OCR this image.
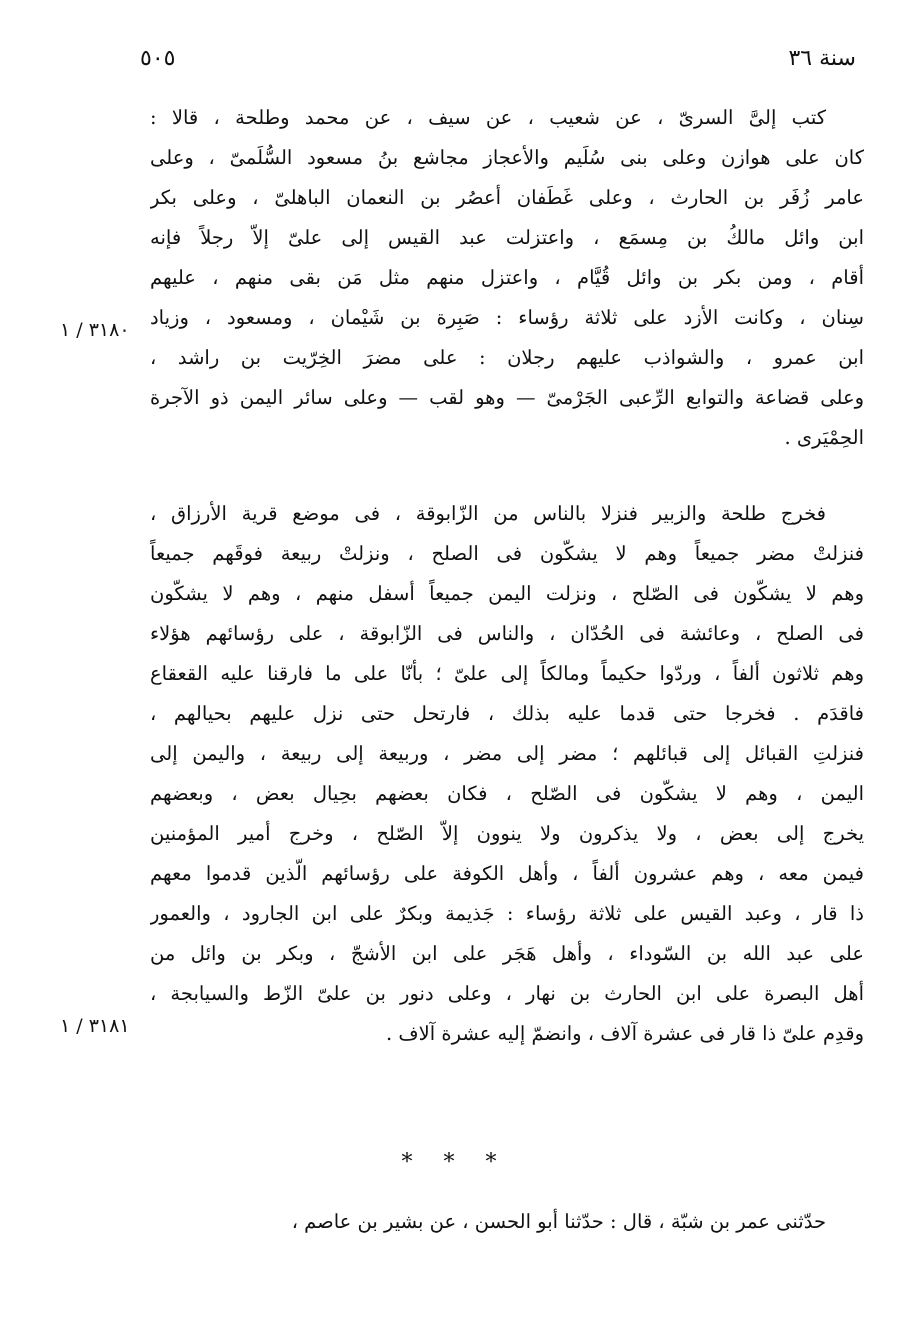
سنة ٣٦
٥٠٥
كتب إلىَّ السرىّ ، عن شعيب ، عن سيف ، عن محمد وطلحة ، قالا :
كان على هوازن وعلى بنى سُلَيم والأعجاز مجاشع بنُ مسعود السُّلَمىّ ، وعلى
عامر زُفَر بن الحارث ، وعلى غَطَفان أعصُر بن النعمان الباهلىّ ، وعلى بكر
ابن وائل مالكُ بن مِسمَع ، واعتزلت عبد القيس إلى علىّ إلاّ رجلاً فإنه
أقام ، ومن بكر بن وائل قُيَّام ، واعتزل منهم مثل مَن بقى منهم ، عليهم
سِنان ، وكانت الأزد على ثلاثة رؤساء : صَبِرة بن شَيْمان ، ومسعود ، وزياد
ابن عمرو ، والشواذب عليهم رجلان : على مضرَ الخِرّيت بن راشد ،
وعلى قضاعة والتوابع الرِّعبى الجَرْمىّ — وهو لقب — وعلى سائر اليمن ذو الآجرة
الحِمْيَرى .
فخرج طلحة والزبير فنزلا بالناس من الزّابوقة ، فى موضع قرية الأرزاق ،
فنزلتْ مضر جميعاً وهم لا يشكّون فى الصلح ، ونزلتْ ربيعة فوقَهم جميعاً
وهم لا يشكّون فى الصّلح ، ونزلت اليمن جميعاً أسفل منهم ، وهم لا يشكّون
فى الصلح ، وعائشة فى الحُدّان ، والناس فى الزّابوقة ، على رؤسائهم هؤلاء
وهم ثلاثون ألفاً ، وردّوا حكيماً ومالكاً إلى علىّ ؛ بأنّا على ما فارقنا عليه القعقاع
فاقدَم . فخرجا حتى قدما عليه بذلك ، فارتحل حتى نزل عليهم بحيالهم ،
فنزلتِ القبائل إلى قبائلهم ؛ مضر إلى مضر ، وربيعة إلى ربيعة ، واليمن إلى
اليمن ، وهم لا يشكّون فى الصّلح ، فكان بعضهم بحِيال بعض ، وبعضهم
يخرج إلى بعض ، ولا يذكرون ولا ينوون إلاّ الصّلح ، وخرج أمير المؤمنين
فيمن معه ، وهم عشرون ألفاً ، وأهل الكوفة على رؤسائهم الّذين قدموا معهم
ذا قار ، وعبد القيس على ثلاثة رؤساء : جَذيمة وبكرٌ على ابن الجارود ، والعمور
على عبد الله بن السّوداء ، وأهل هَجَر على ابن الأشجّ ، وبكر بن وائل من
أهل البصرة على ابن الحارث بن نهار ، وعلى دنور بن علىّ الزّط والسيابجة ،
وقدِم علىّ ذا قار فى عشرة آلاف ، وانضمّ إليه عشرة آلاف .
٣١٨٠ / ١
٣١٨١ / ١
* * *
حدّثنى عمر بن شبّة ، قال : حدّثنا أبو الحسن ، عن بشير بن عاصم ،
